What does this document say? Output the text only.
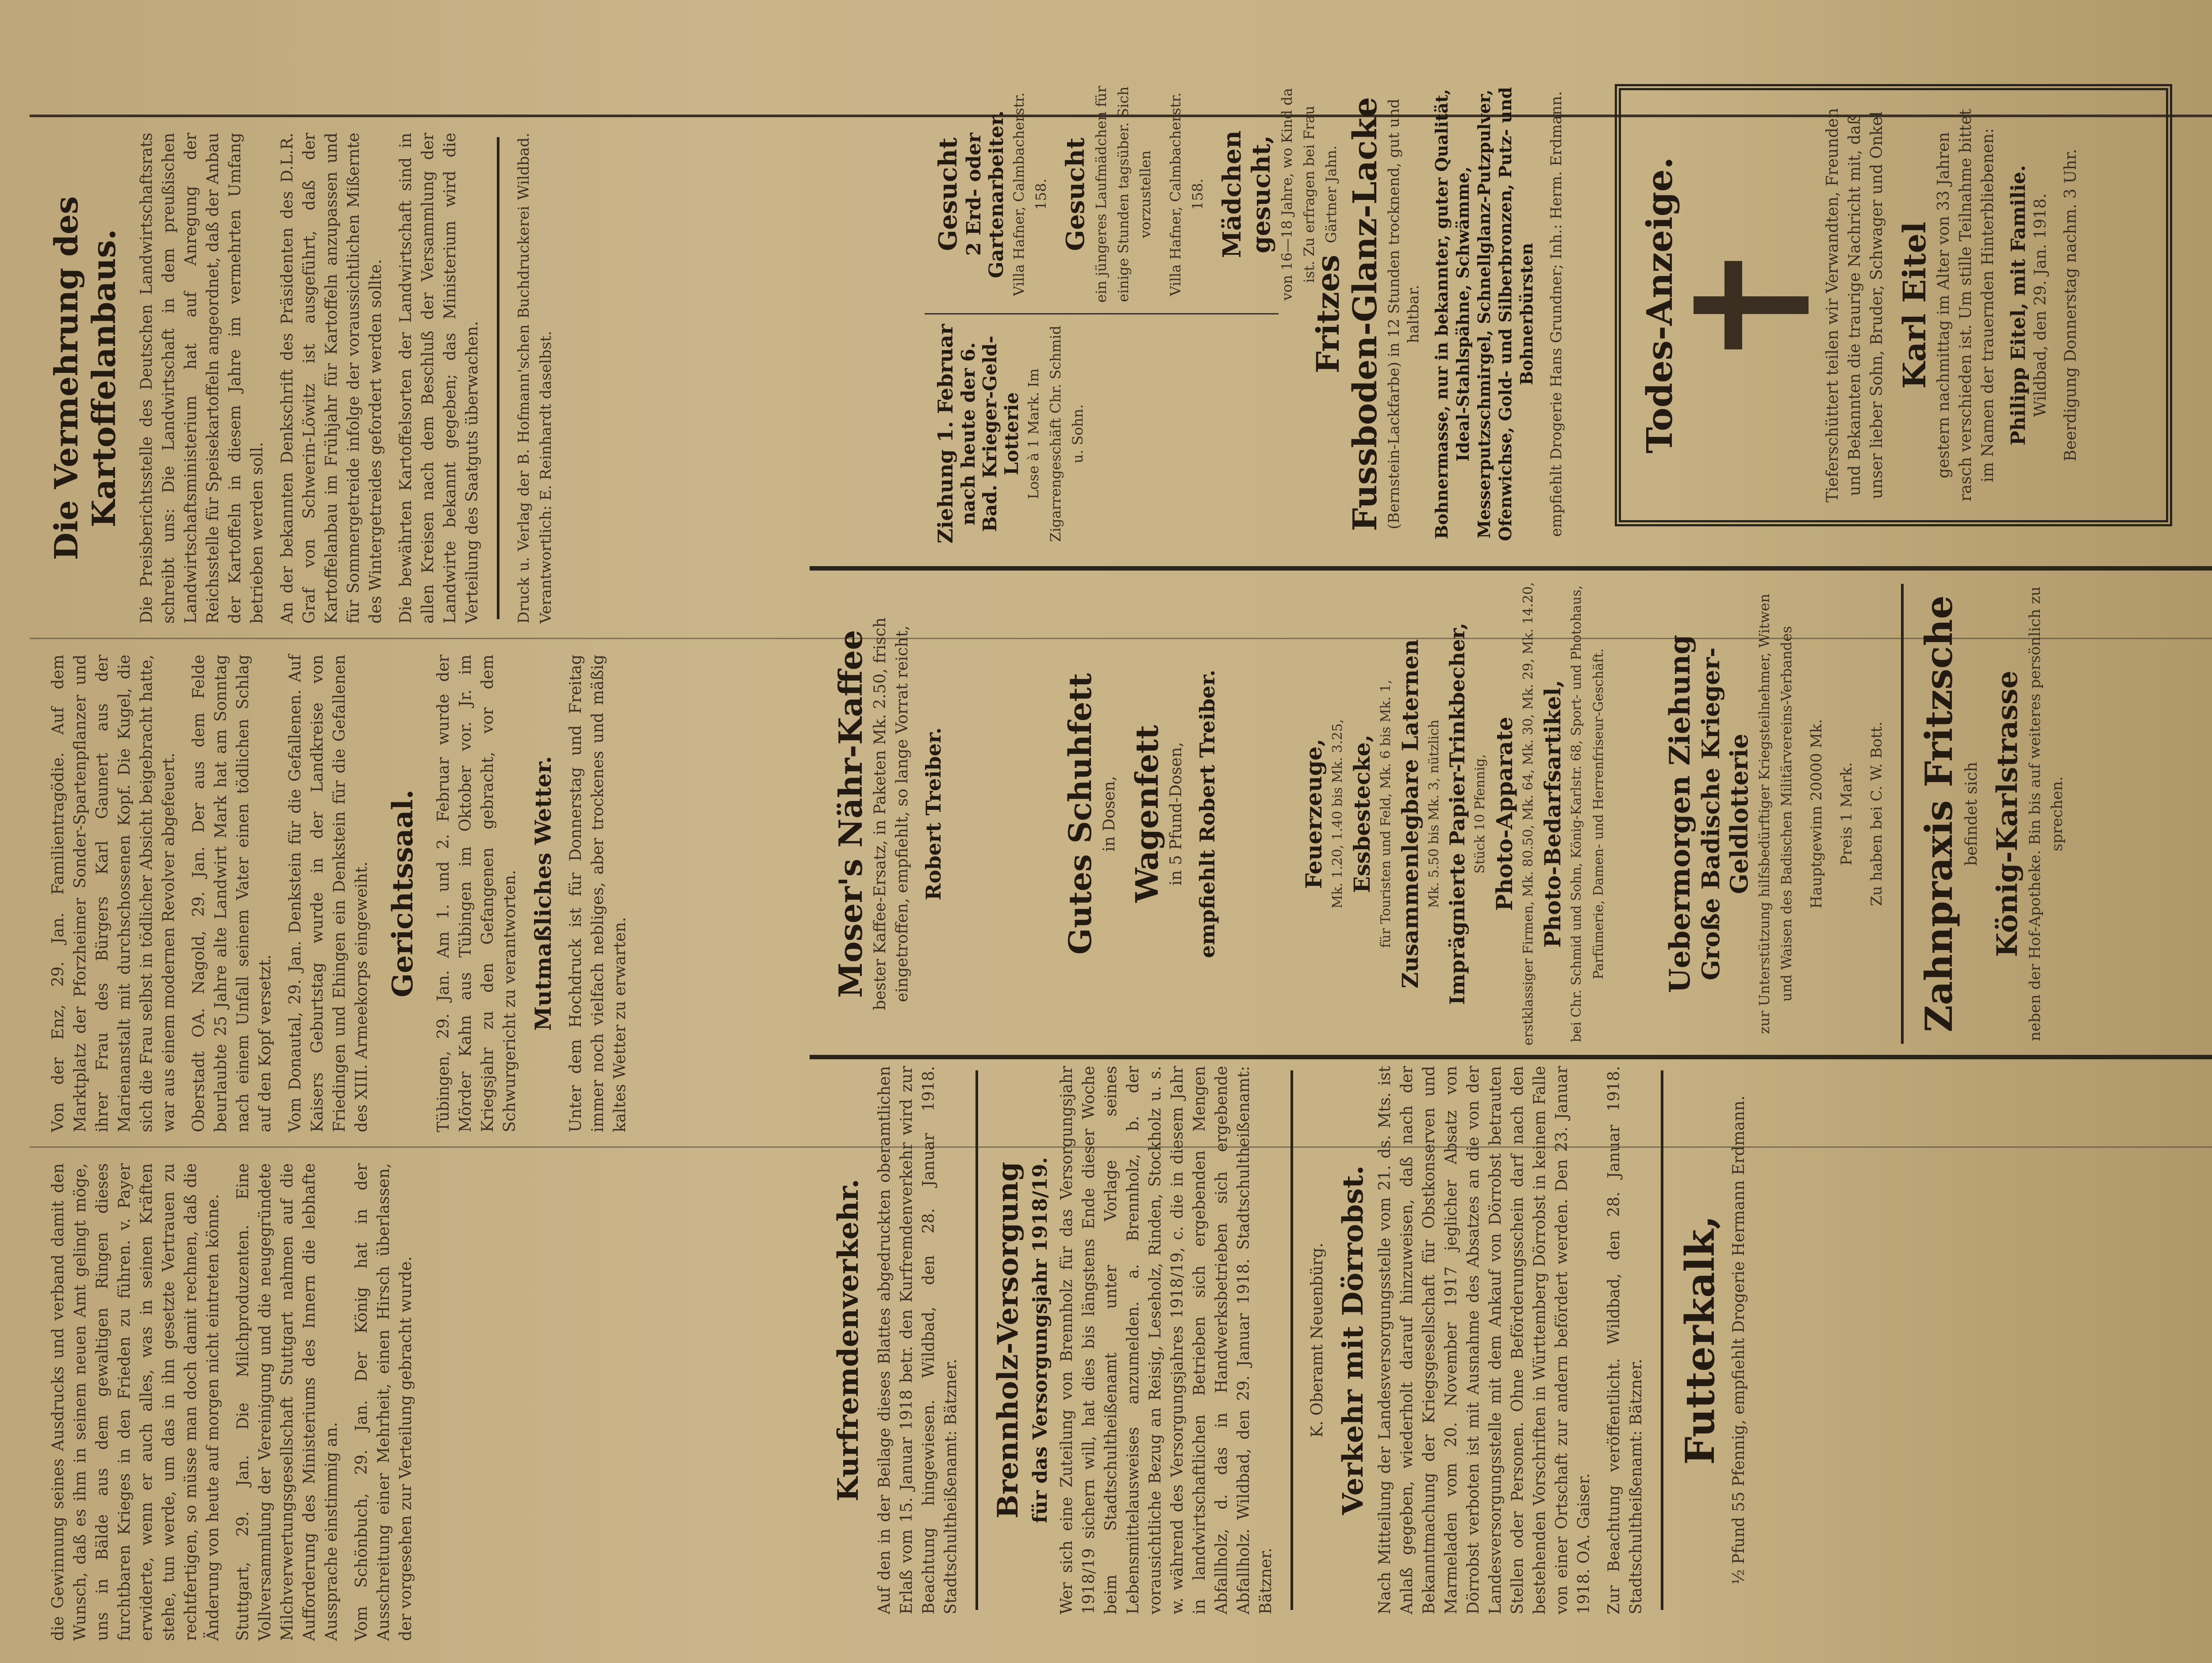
die Gewinnung seines Ausdrucks und verband damit den Wunsch, daß es ihm in seinem neuen Amt gelingt möge, uns in Bälde aus dem gewaltigen Ringen dieses furchtbaren Krieges in den Frieden zu führen. v. Payer erwiderte, wenn er auch alles, was in seinen Kräften stehe, tun werde, um das in ihn gesetzte Vertrauen zu rechtfertigen, so müsse man doch damit rechnen, daß die Änderung von heute auf morgen nicht eintreten könne. Stuttgart, 29. Jan. Die Milchproduzenten. Eine Vollversammlung der Vereinigung und die neugegründete Milchverwertungsgesellschaft Stuttgart nahmen auf die Aufforderung des Ministeriums des Innern die lebhafte Aussprache einstimmig an. Vom Schönbuch, 29. Jan. Der König hat in der Ausschreitung einer Mehrheit, einen Hirsch überlassen, der vorgesehen zur Verteilung gebracht wurde.

Von der Enz, 29. Jan. Familientragödie. Auf dem Marktplatz der Pforzheimer Sonder-Spartenpflanzer und ihrer Frau des Bürgers Karl Gaunert aus der Marienanstalt mit durchschossenen Kopf. Die Kugel, die sich die Frau selbst in tödlicher Absicht beigebracht hatte, war aus einem modernen Revolver abgefeuert. Oberstadt OA. Nagold, 29. Jan. Der aus dem Felde beurlaubte 25 Jahre alte Landwirt Mark hat am Sonntag nach einem Unfall seinem Vater einen tödlichen Schlag auf den Kopf versetzt. Vom Donautal, 29. Jan. Denkstein für die Gefallenen. Auf Kaisers Geburtstag wurde in der Landkreise von Friedingen und Ehingen ein Denkstein für die Gefallenen des XIII. Armeekorps eingeweiht. Gerichtssaal. Tübingen, 29. Jan. Am 1. und 2. Februar wurde der Mörder Kahn aus Tübingen im Oktober vor. Jr. im Kriegsjahr zu den Gefangenen gebracht, vor dem Schwurgericht zu verantworten. Mutmaßliches Wetter. Unter dem Hochdruck ist für Donnerstag und Freitag immer noch vielfach nebliges, aber trockenes und mäßig kaltes Wetter zu erwarten.

Die Vermehrung des Kartoffelanbaus. Die Preisberichtsstelle des Deutschen Landwirtschaftsrats schreibt uns: Die Landwirtschaft in dem preußischen Landwirtschaftsministerium hat auf Anregung der Reichsstelle für Speisekartoffeln angeordnet, daß der Anbau der Kartoffeln in diesem Jahre im vermehrten Umfang betrieben werden soll. An der bekannten Denkschrift des Präsidenten des D.L.R. Graf von Schwerin-Löwitz ist ausgeführt, daß der Kartoffelanbau im Frühjahr für Kartoffeln anzupassen und für Sommergetreide infolge der voraussichtlichen Mißernte des Wintergetreides gefordert werden sollte. Die bewährten Kartoffelsorten der Landwirtschaft sind in allen Kreisen nach dem Beschluß der Versammlung der Landwirte bekannt gegeben; das Ministerium wird die Verteilung des Saatguts überwachen. Druck u. Verlag der B. Hofmann'schen Buchdruckerei Wildbad. Verantwortlich: E. Reinhardt daselbst.

Todes-Anzeige.	Tieferschüttert teilen wir Verwandten, Freunden und Bekannten die traurige Nachricht mit, daß unser lieber Sohn, Bruder, Schwager und Onkel Karl Eitel gestern nachmittag im Alter von 33 Jahren rasch verschieden ist. Um stille Teilnahme bittet im Namen der trauernden Hinterbliebenen: Philipp Eitel, mit Familie. Wildbad, den 29. Jan. 1918. Beerdigung Donnerstag nachm. 3 Uhr.
Fritzes Fussboden-Glanz-Lacke (Bernstein-Lackfarbe) in 12 Stunden trocknend, gut und haltbar. Bohnermasse, nur in bekannter, guter Qualität, Ideal-Stahlspähne, Schwämme, Messerputzschmirgel, Schnellglanz-Putzpulver, Ofenwichse, Gold- und Silberbronzen, Putz- und Bohnerbürsten empfiehlt Drogerie Hans Grundner; Inh.: Herm. Erdmann.
Ziehung 1. Februar nach heute der 6. Bad. Krieger-Geld-Lotterie Lose à 1 Mark. Im Zigarrengeschäft Chr. Schmid u. Sohn.
Gesucht 2 Erd- oder Gartenarbeiter. Villa Hafner, Calmbacherstr. 158. Gesucht ein jüngeres Laufmädchen für einige Stunden tagsüber. Sich vorzustellen Villa Hafner, Calmbacherstr. 158. Mädchen gesucht, von 16—18 Jahre, wo Kind da ist. Zu erfragen bei Frau Gärtner Jahn.
Uebermorgen Ziehung Große Badische Krieger-Geldlotterie zur Unterstützung hilfsbedürftiger Kriegsteilnehmer, Witwen und Waisen des Badischen Militärvereins-Verbandes Hauptgewinn 20000 Mk. Preis 1 Mark. Zu haben bei C. W. Bott. Zahnpraxis Fritzsche befindet sich König-Karlstrasse neben der Hof-Apotheke. Bin bis auf weiteres persönlich zu sprechen.
Feuerzeuge, Mk. 1.20, 1.40 bis Mk. 3.25, Essbestecke, für Touristen und Feld, Mk. 6 bis Mk. 1, Zusammenlegbare Laternen Mk. 5.50 bis Mk. 3, nützlich Imprägnierte Papier-Trinkbecher, Stück 10 Pfennig, Photo-Apparate erstklassiger Firmen, Mk. 80.50, Mk. 64, Mk. 30, Mk. 29, Mk. 14.20, Photo-Bedarfsartikel, bei Chr. Schmid und Sohn, König-Karlstr. 68, Sport- und Photohaus, Parfümerie, Damen- und Herrenfriseur-Geschäft.
Gutes Schuhfett in Dosen, Wagenfett in 5 Pfund-Dosen, empfiehlt Robert Treiber.
Moser's Nähr-Kaffee bester Kaffee-Ersatz, in Paketen Mk. 2.50, frisch eingetroffen, empfiehlt, so lange Vorrat reicht, Robert Treiber.
Kurfremdenverkehr. Auf den in der Beilage dieses Blattes abgedruckten oberamtlichen Erlaß vom 15. Januar 1918 betr. den Kurfremdenverkehr wird zur Beachtung hingewiesen. Wildbad, den 28. Januar 1918. Stadtschultheißenamt: Bätzner. Brennholz-Versorgung für das Versorgungsjahr 1918/19. Wer sich eine Zuteilung von Brennholz für das Versorgungsjahr 1918/19 sichern will, hat dies bis längstens Ende dieser Woche beim Stadtschultheißenamt unter Vorlage seines Lebensmittelausweises anzumelden. a. Brennholz, b. der vorausichtliche Bezug an Reisig, Leseholz, Rinden, Stockholz u. s. w. während des Versorgungsjahres 1918/19, c. die in diesem Jahr in landwirtschaftlichen Betrieben sich ergebenden Mengen Abfallholz, d. das in Handwerksbetrieben sich ergebende Abfallholz. Wildbad, den 29. Januar 1918. Stadtschultheißenamt: Bätzner.

K. Oberamt Neuenbürg. Verkehr mit Dörrobst. Nach Mitteilung der Landesversorgungsstelle vom 21. ds. Mts. ist Anlaß gegeben, wiederholt darauf hinzuweisen, daß nach der Bekanntmachung der Kriegsgesellschaft für Obstkonserven und Marmeladen vom 20. November 1917 jeglicher Absatz von Dörrobst verboten ist mit Ausnahme des Absatzes an die von der Landesversorgungsstelle mit dem Ankauf von Dörrobst betrauten Stellen oder Personen. Ohne Beförderungsschein darf nach den bestehenden Vorschriften in Württemberg Dörrobst in keinem Falle von einer Ortschaft zur andern befördert werden. Den 23. Januar 1918. OA. Gaiser. Zur Beachtung veröffentlicht. Wildbad, den 28. Januar 1918. Stadtschultheißenamt: Bätzner.

Futterkalk, ½ Pfund 55 Pfennig, empfiehlt Drogerie Hermann Erdmann.
